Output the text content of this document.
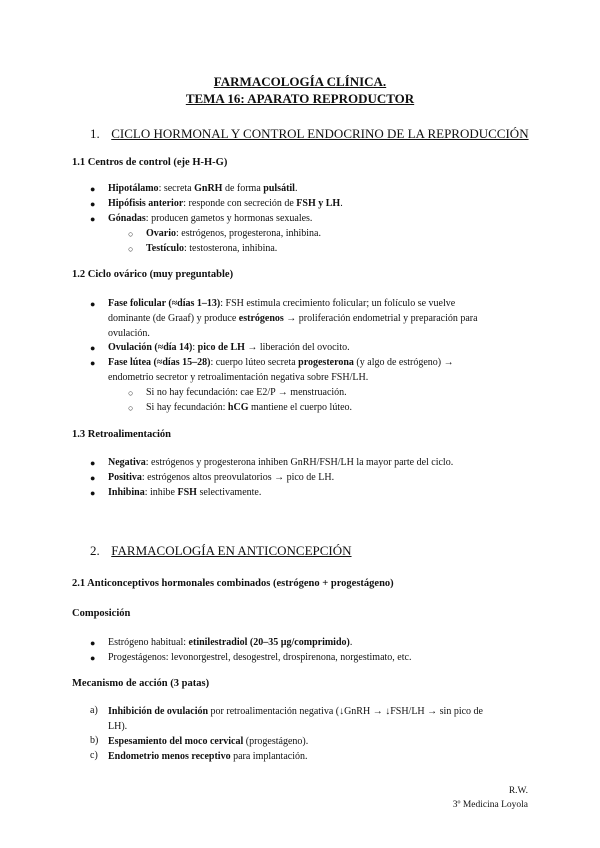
FARMACOLOGÍA CLÍNICA.
TEMA 16: APARATO REPRODUCTOR
1. CICLO HORMONAL Y CONTROL ENDOCRINO DE LA REPRODUCCIÓN
1.1 Centros de control (eje H-H-G)
● Hipotálamo: secreta GnRH de forma pulsátil.
● Hipófisis anterior: responde con secreción de FSH y LH.
● Gónadas: producen gametos y hormonas sexuales.
○ Ovario: estrógenos, progesterona, inhibina.
○ Testículo: testosterona, inhibina.
1.2 Ciclo ovárico (muy preguntable)
● Fase folicular (≈días 1–13): FSH estimula crecimiento folicular; un folículo se vuelve
dominante (de Graaf) y produce estrógenos → proliferación endometrial y preparación para
ovulación.
● Ovulación (≈día 14): pico de LH → liberación del ovocito.
● Fase lútea (≈días 15–28): cuerpo lúteo secreta progesterona (y algo de estrógeno) →
endometrio secretor y retroalimentación negativa sobre FSH/LH.
○ Si no hay fecundación: cae E2/P → menstruación.
○ Si hay fecundación: hCG mantiene el cuerpo lúteo.
1.3 Retroalimentación
● Negativa: estrógenos y progesterona inhiben GnRH/FSH/LH la mayor parte del ciclo.
● Positiva: estrógenos altos preovulatorios → pico de LH.
● Inhibina: inhibe FSH selectivamente.
2. FARMACOLOGÍA EN ANTICONCEPCIÓN
2.1 Anticonceptivos hormonales combinados (estrógeno + progestágeno)
Composición
● Estrógeno habitual: etinilestradiol (20–35 µg/comprimido).
● Progestágenos: levonorgestrel, desogestrel, drospirenona, norgestimato, etc.
Mecanismo de acción (3 patas)
a) Inhibición de ovulación por retroalimentación negativa (↓GnRH → ↓FSH/LH → sin pico de
LH).
b) Espesamiento del moco cervical (progestágeno).
c) Endometrio menos receptivo para implantación.
R.W.
3º Medicina Loyola
